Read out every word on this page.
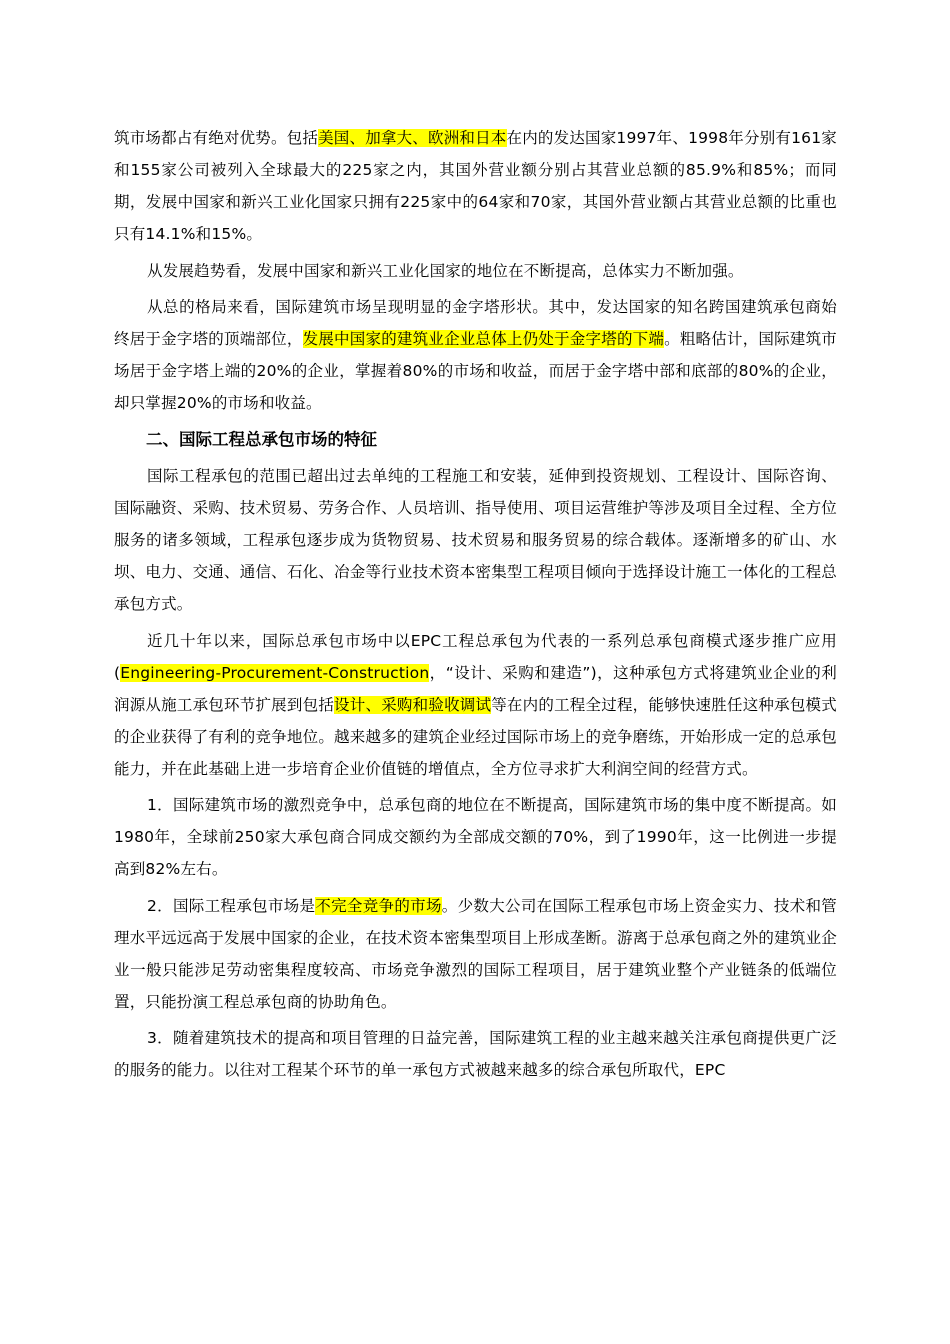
筑市场都占有绝对优势。包括美国、加拿大、欧洲和日本在内的发达国家1997年、1998年分别有161家和155家公司被列入全球最大的225家之内，其国外营业额分别占其营业总额的85.9%和85%；而同期，发展中国家和新兴工业化国家只拥有225家中的64家和70家，其国外营业额占其营业总额的比重也只有14.1%和15%。

从发展趋势看，发展中国家和新兴工业化国家的地位在不断提高，总体实力不断加强。

从总的格局来看，国际建筑市场呈现明显的金字塔形状。其中，发达国家的知名跨国建筑承包商始终居于金字塔的顶端部位，发展中国家的建筑业企业总体上仍处于金字塔的下端。粗略估计，国际建筑市场居于金字塔上端的20%的企业，掌握着80%的市场和收益，而居于金字塔中部和底部的80%的企业，却只掌握20%的市场和收益。

二、国际工程总承包市场的特征

国际工程承包的范围已超出过去单纯的工程施工和安装，延伸到投资规划、工程设计、国际咨询、国际融资、采购、技术贸易、劳务合作、人员培训、指导使用、项目运营维护等涉及项目全过程、全方位服务的诸多领域，工程承包逐步成为货物贸易、技术贸易和服务贸易的综合载体。逐渐增多的矿山、水坝、电力、交通、通信、石化、冶金等行业技术资本密集型工程项目倾向于选择设计施工一体化的工程总承包方式。

近几十年以来，国际总承包市场中以EPC工程总承包为代表的一系列总承包商模式逐步推广应用(Engineering-Procurement-Construction，“设计、采购和建造”)，这种承包方式将建筑业企业的利润源从施工承包环节扩展到包括设计、采购和验收调试等在内的工程全过程，能够快速胜任这种承包模式的企业获得了有利的竞争地位。越来越多的建筑企业经过国际市场上的竞争磨练，开始形成一定的总承包能力，并在此基础上进一步培育企业价值链的增值点，全方位寻求扩大利润空间的经营方式。

1．国际建筑市场的激烈竞争中，总承包商的地位在不断提高，国际建筑市场的集中度不断提高。如1980年，全球前250家大承包商合同成交额约为全部成交额的70%，到了1990年，这一比例进一步提高到82%左右。

2．国际工程承包市场是不完全竞争的市场。少数大公司在国际工程承包市场上资金实力、技术和管理水平远远高于发展中国家的企业，在技术资本密集型项目上形成垄断。游离于总承包商之外的建筑业企业一般只能涉足劳动密集程度较高、市场竞争激烈的国际工程项目，居于建筑业整个产业链条的低端位置，只能扮演工程总承包商的协助角色。

3．随着建筑技术的提高和项目管理的日益完善，国际建筑工程的业主越来越关注承包商提供更广泛的服务的能力。以往对工程某个环节的单一承包方式被越来越多的综合承包所取代，EPC
